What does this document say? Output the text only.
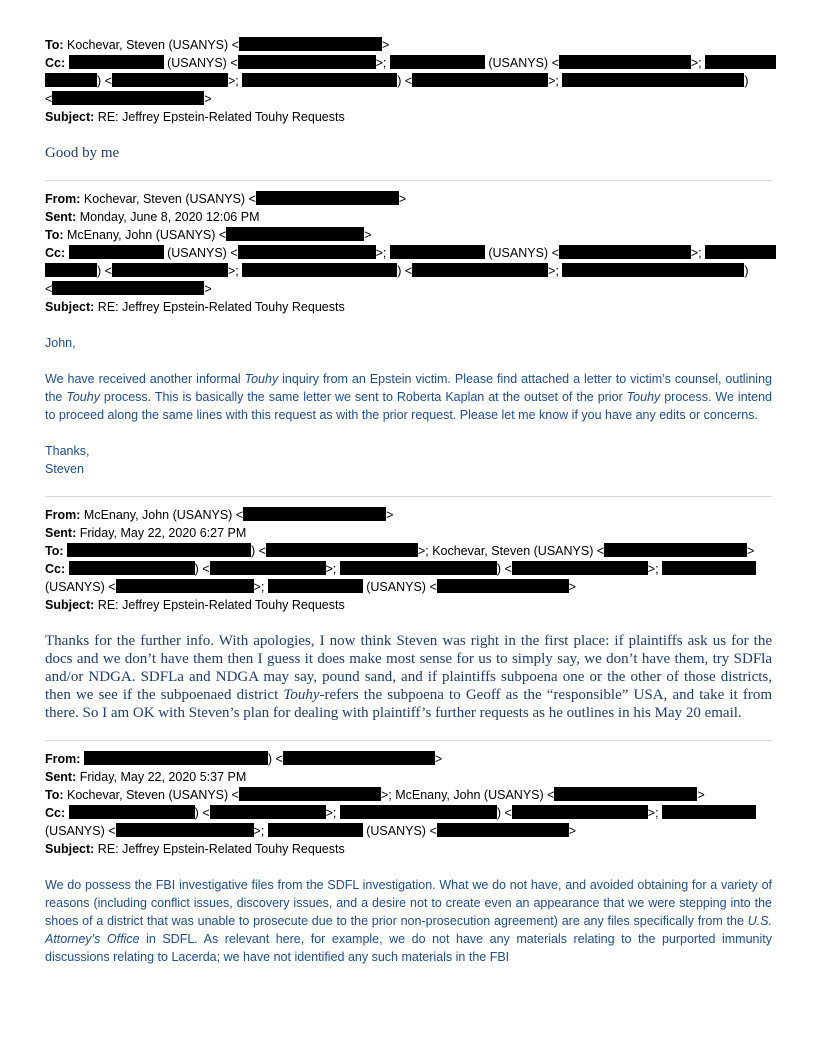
To: Kochevar, Steven (USANYS) <	>
Cc:	(USANYS) <	>;	(USANYS) <	>;
) <	>;	) <	>;	)
<	>
Subject: RE: Jeffrey Epstein-Related Touhy Requests

Good by me

From: Kochevar, Steven (USANYS) <	>
Sent: Monday, June 8, 2020 12:06 PM
To: McEnany, John (USANYS) <	>
Cc:	(USANYS) <	>;	(USANYS) <	>;
) <	>;	) <	>;	)
<	>
Subject: RE: Jeffrey Epstein-Related Touhy Requests

John,

We have received another informal Touhy inquiry from an Epstein victim. Please find attached a letter to victim’s counsel, outlining the Touhy process. This is basically the same letter we sent to Roberta Kaplan at the outset of the prior Touhy process. We intend to proceed along the same lines with this request as with the prior request. Please let me know if you have any edits or concerns.

Thanks,

Steven

From: McEnany, John (USANYS) <	>
Sent: Friday, May 22, 2020 6:27 PM
To:	) <	>; Kochevar, Steven (USANYS) <	>
Cc:	) <	>;	) <	>;
(USANYS) <	>;	(USANYS) <	>
Subject: RE: Jeffrey Epstein-Related Touhy Requests

Thanks for the further info. With apologies, I now think Steven was right in the first place: if plaintiffs ask us for the docs and we don’t have them then I guess it does make most sense for us to simply say, we don’t have them, try SDFla and/or NDGA. SDFLa and NDGA may say, pound sand, and if plaintiffs subpoena one or the other of those districts, then we see if the subpoenaed district Touhy-refers the subpoena to Geoff as the “responsible” USA, and take it from there. So I am OK with Steven’s plan for dealing with plaintiff’s further requests as he outlines in his May 20 email.

From:	) <	>
Sent: Friday, May 22, 2020 5:37 PM
To: Kochevar, Steven (USANYS) <	>; McEnany, John (USANYS) <	>
Cc:	) <	>;	) <	>;
(USANYS) <	>;	(USANYS) <	>
Subject: RE: Jeffrey Epstein-Related Touhy Requests

We do possess the FBI investigative files from the SDFL investigation. What we do not have, and avoided obtaining for a variety of reasons (including conflict issues, discovery issues, and a desire not to create even an appearance that we were stepping into the shoes of a district that was unable to prosecute due to the prior non-prosecution agreement) are any files specifically from the U.S. Attorney’s Office in SDFL. As relevant here, for example, we do not have any materials relating to the purported immunity discussions relating to Lacerda; we have not identified any such materials in the FBI
